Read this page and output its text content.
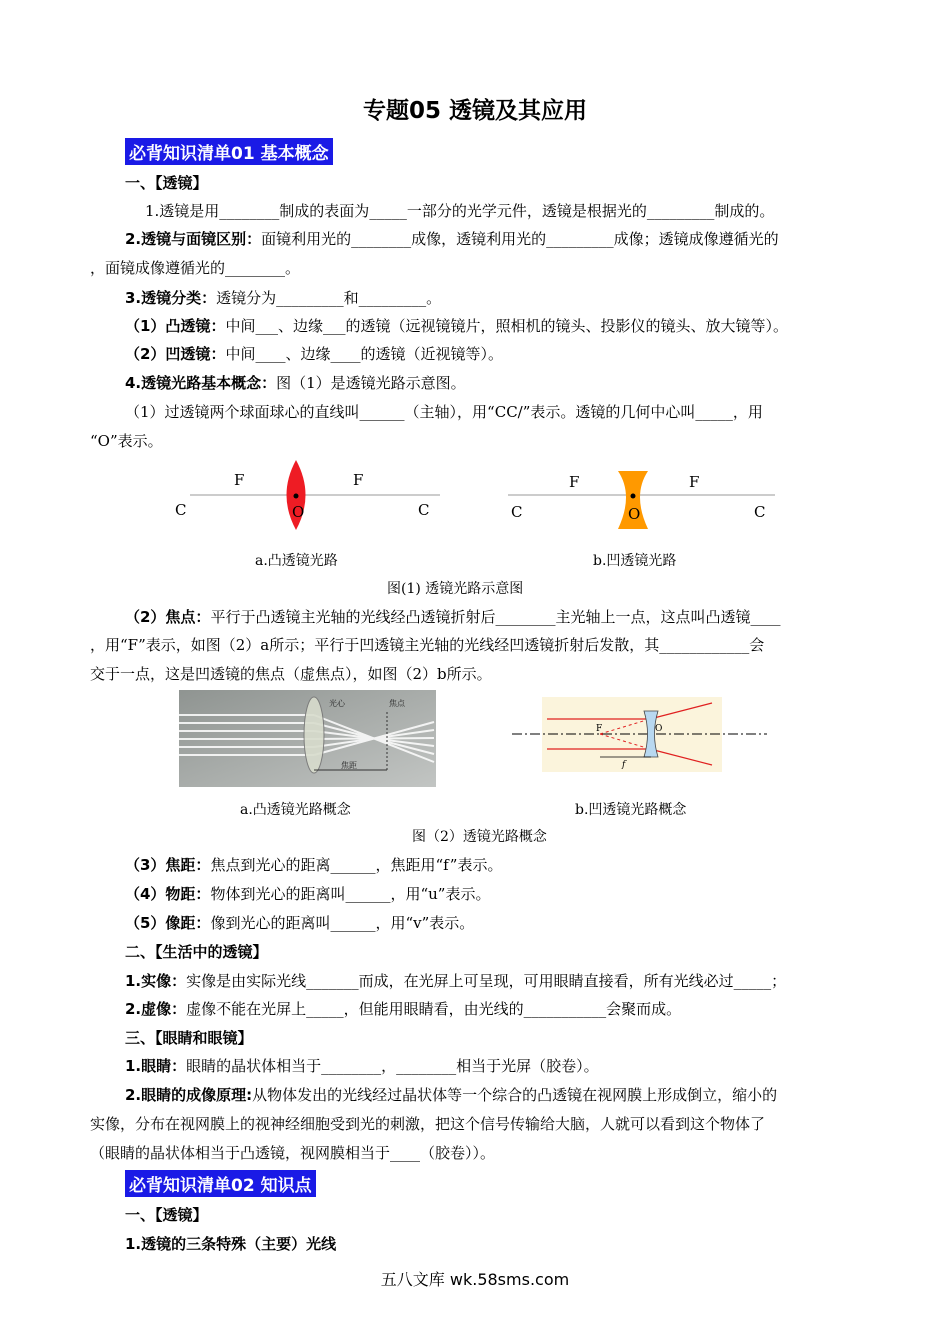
专题05 透镜及其应用
必背知识清单01 基本概念
一、【透镜】
1.透镜是用________制成的表面为_____一部分的光学元件，透镜是根据光的_________制成的。
2.透镜与面镜区别：面镜利用光的________成像，透镜利用光的_________成像；透镜成像遵循光的
，面镜成像遵循光的________。
3.透镜分类：透镜分为_________和_________。
（1）凸透镜：中间___、边缘___的透镜（远视镜镜片，照相机的镜头、投影仪的镜头、放大镜等）。
（2）凹透镜：中间____、边缘____的透镜（近视镜等）。
4.透镜光路基本概念：图（1）是透镜光路示意图。
（1）过透镜两个球面球心的直线叫______（主轴），用“CC/”表示。透镜的几何中心叫_____，用
“O”表示。
F	F
C	C
O
F	F
C	C
O
a.凸透镜光路	b.凹透镜光路
图(1) 透镜光路示意图
（2）焦点：平行于凸透镜主光轴的光线经凸透镜折射后________主光轴上一点，这点叫凸透镜____
，用“F”表示，如图（2）a所示；平行于凹透镜主光轴的光线经凹透镜折射后发散，其____________会
交于一点，这是凹透镜的焦点（虚焦点），如图（2）b所示。
光心	焦点
焦距
F	O
f
a.凸透镜光路概念	b.凹透镜光路概念
图（2）透镜光路概念
（3）焦距：焦点到光心的距离______，焦距用“f”表示。
（4）物距：物体到光心的距离叫______，用“u”表示。
（5）像距：像到光心的距离叫______，用“v”表示。
二、【生活中的透镜】
1.实像：实像是由实际光线_______而成，在光屏上可呈现，可用眼睛直接看，所有光线必过_____；
2.虚像：虚像不能在光屏上_____，但能用眼睛看，由光线的___________会聚而成。
三、【眼睛和眼镜】
1.眼睛：眼睛的晶状体相当于________，________相当于光屏（胶卷）。
2.眼睛的成像原理:从物体发出的光线经过晶状体等一个综合的凸透镜在视网膜上形成倒立，缩小的
实像，分布在视网膜上的视神经细胞受到光的刺激，把这个信号传输给大脑，人就可以看到这个物体了
（眼睛的晶状体相当于凸透镜，视网膜相当于____（胶卷））。
必背知识清单02 知识点
一、【透镜】
1.透镜的三条特殊（主要）光线
五八文库 wk.58sms.com
